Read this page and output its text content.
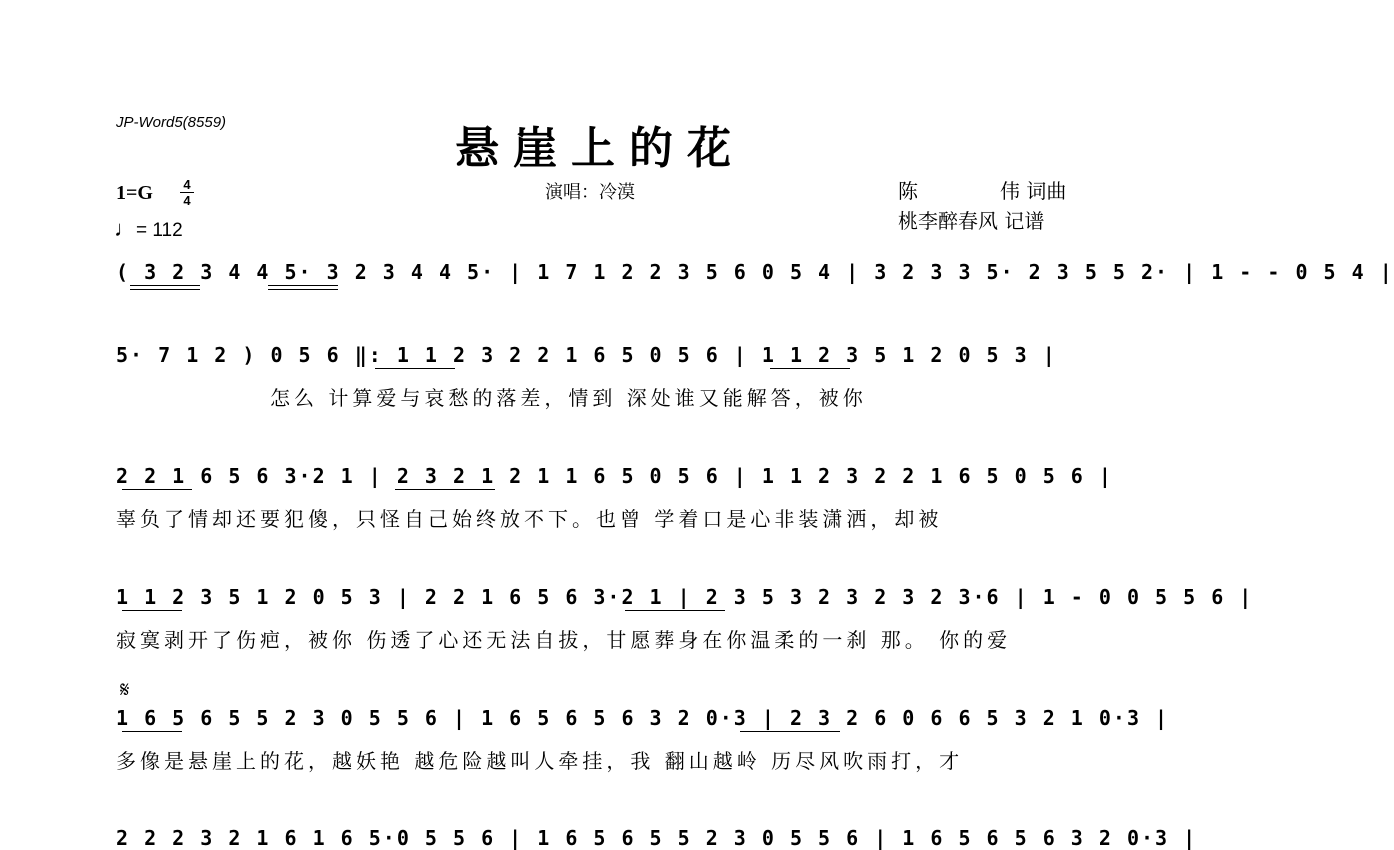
JP-Word5(8559)
悬崖上的花
演唱：冷漠	陈	伟 词曲
桃李醉春风 记谱
1=G 4
4
♩= 112
( 3 2 3 4 4 5· 3 2 3 4 4 5· | 1 7 1 2 2 3 5 6 0 5 4 | 3 2 3 3 5· 2 3 5 5 2· | 1 - - 0 5 4 |
5· 7 1 2 ) 0 5 6 ‖: 1 1 2 3 2 2 1 6 5 0 5 6 | 1 1 2 3 5 1 2 0 5 3 |
怎么 计算爱与哀愁的落差，情到 深处谁又能解答，被你
2 2 1 6 5 6 3·2 1 | 2 3 2 1 2 1 1 6 5 0 5 6 | 1 1 2 3 2 2 1 6 5 0 5 6 |
辜负了情却还要犯傻，只怪自己始终放不下。也曾 学着口是心非装潇洒，却被
1 1 2 3 5 1 2 0 5 3 | 2 2 1 6 5 6 3·2 1 | 2 3 5 3 2 3 2 3 2 3·6 | 1 - 0 0 5 5 6 |
寂寞剥开了伤疤，被你 伤透了心还无法自拔，甘愿葬身在你温柔的一刹 那。 你的爱
𝄋
1 6 5 6 5 5 2 3 0 5 5 6 | 1 6 5 6 5 6 3 2 0·3 | 2 3 2 6 0 6 6 5 3 2 1 0·3 |
多像是悬崖上的花，越妖艳 越危险越叫人牵挂，我 翻山越岭 历尽风吹雨打，才
2 2 2 3 2 1 6 1 6 5·0 5 5 6 | 1 6 5 6 5 5 2 3 0 5 5 6 | 1 6 5 6 5 6 3 2 0·3 |
